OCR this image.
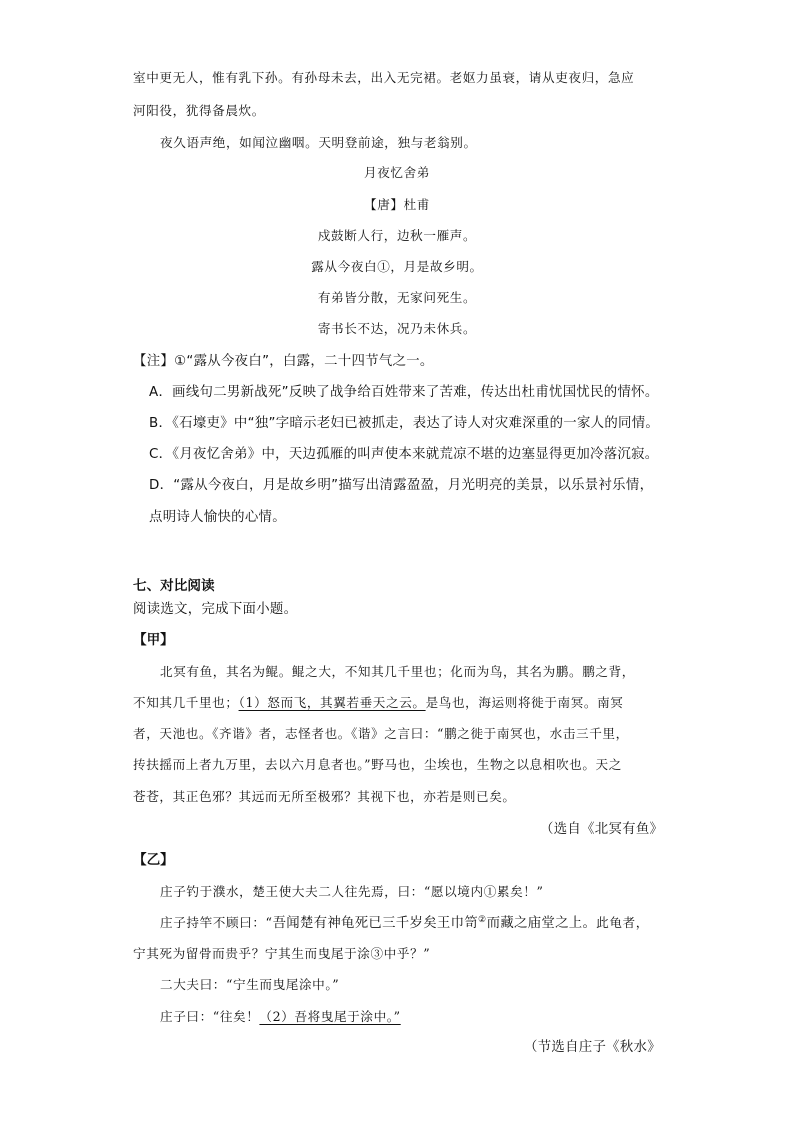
室中更无人，惟有乳下孙。有孙母未去，出入无完裙。老妪力虽衰，请从吏夜归，急应
河阳役，犹得备晨炊。
夜久语声绝，如闻泣幽咽。天明登前途，独与老翁别。
月夜忆舍弟
【唐】杜甫
戍鼓断人行，边秋一雁声。
露从今夜白①，月是故乡明。
有弟皆分散，无家问死生。
寄书长不达，况乃未休兵。
【注】①“露从今夜白”，白露，二十四节气之一。
A．画线句二男新战死”反映了战争给百姓带来了苦难，传达出杜甫忧国忧民的情怀。
B．《石壕吏》中“独”字暗示老妇已被抓走，表达了诗人对灾难深重的一家人的同情。
C．《月夜忆舍弟》中，天边孤雁的叫声使本来就荒凉不堪的边塞显得更加冷落沉寂。
D．“露从今夜白，月是故乡明”描写出清露盈盈，月光明亮的美景，以乐景衬乐情，
点明诗人愉快的心情。
七、对比阅读
阅读选文，完成下面小题。
【甲】
北冥有鱼，其名为鲲。鲲之大，不知其几千里也；化而为鸟，其名为鹏。鹏之背，
不知其几千里也；（1）怒而飞，其翼若垂天之云。是鸟也，海运则将徙于南冥。南冥
者，天池也。《齐谐》者，志怪者也。《谐》之言曰：“鹏之徙于南冥也，水击三千里，
抟扶摇而上者九万里，去以六月息者也。”野马也，尘埃也，生物之以息相吹也。天之
苍苍，其正色邪？其远而无所至极邪？其视下也，亦若是则已矣。
（选自《北冥有鱼》
【乙】
庄子钓于濮水，楚王使大夫二人往先焉，曰：“愿以境内①累矣！”
庄子持竿不顾曰：“吾闻楚有神龟死已三千岁矣王巾笥②而藏之庙堂之上。此龟者，
宁其死为留骨而贵乎？宁其生而曳尾于涂③中乎？”
二大夫曰：“宁生而曳尾涂中。”
庄子曰：“往矣！（2）吾将曳尾于涂中。”
（节选自庄子《秋水》
